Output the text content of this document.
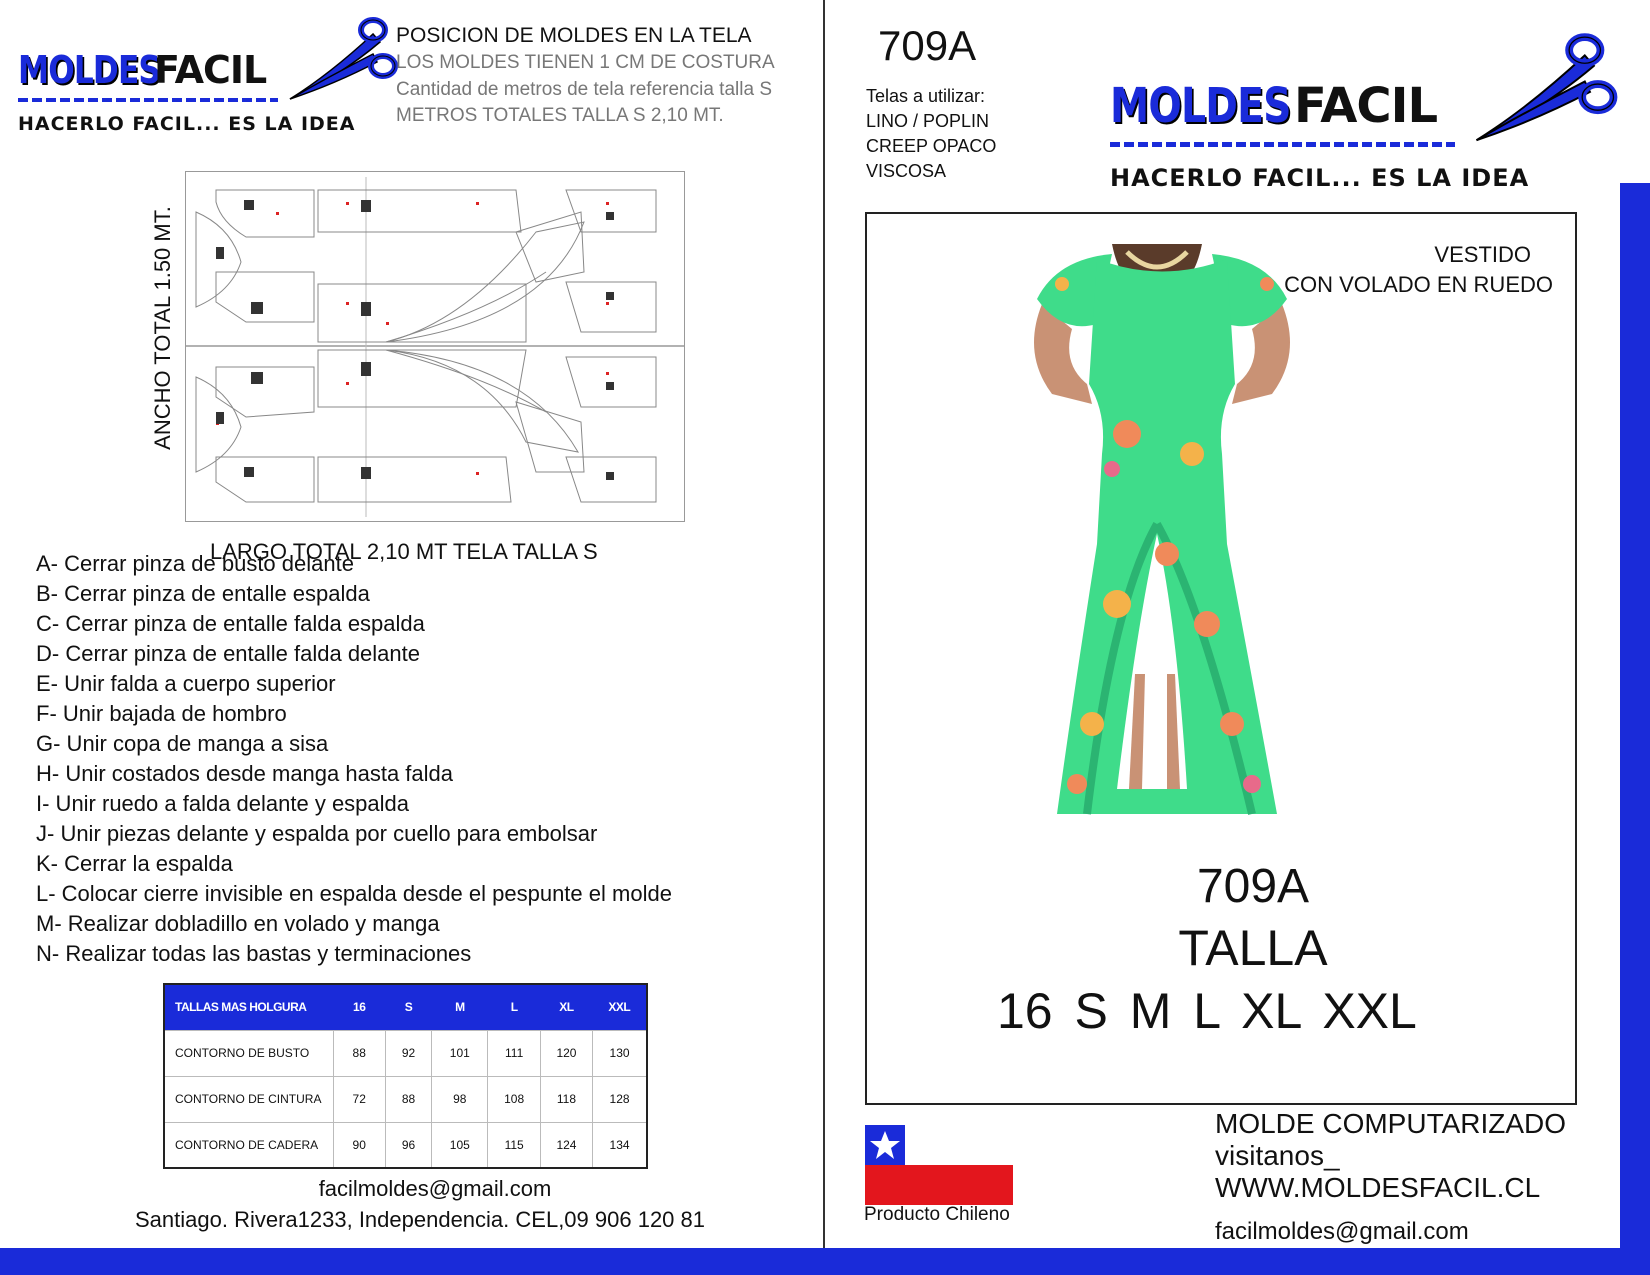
MOLDES
FACIL
HACERLO FACIL... ES LA IDEA
POSICION DE MOLDES EN LA TELA
LOS MOLDES TIENEN 1 CM DE COSTURA
Cantidad de metros de tela referencia talla S
METROS TOTALES TALLA S 2,10 MT.
ANCHO TOTAL 1.50 MT.
LARGO TOTAL 2,10 MT TELA TALLA S
A- Cerrar pinza de busto delante
B- Cerrar pinza de entalle espalda
C- Cerrar pinza de entalle falda espalda
D- Cerrar pinza de entalle falda delante
E- Unir falda a cuerpo superior
F- Unir bajada de hombro
G- Unir copa de manga a sisa
H- Unir costados desde manga hasta falda
I- Unir ruedo a falda delante y espalda
J- Unir piezas delante y espalda por cuello para embolsar
K- Cerrar la espalda
L- Colocar cierre invisible en espalda desde el pespunte el molde
M- Realizar dobladillo en volado y manga
N- Realizar todas las bastas y terminaciones
TALLAS MAS HOLGURA	16	S	M	L	XL	XXL
CONTORNO DE BUSTO	88	92	101	111	120	130
CONTORNO DE CINTURA	72	88	98	108	118	128
CONTORNO DE CADERA	90	96	105	115	124	134
facilmoldes@gmail.com
Santiago. Rivera1233, Independencia. CEL,09 906 120 81
709A
Telas a utilizar:
LINO / POPLIN
CREEP OPACO
VISCOSA
MOLDES FACIL
HACERLO FACIL... ES LA IDEA
VESTIDO
CON VOLADO EN RUEDO
709A
TALLA
16 S M L XL XXL
Producto Chileno
MOLDE COMPUTARIZADO
visitanos_
WWW.MOLDESFACIL.CL
facilmoldes@gmail.com
